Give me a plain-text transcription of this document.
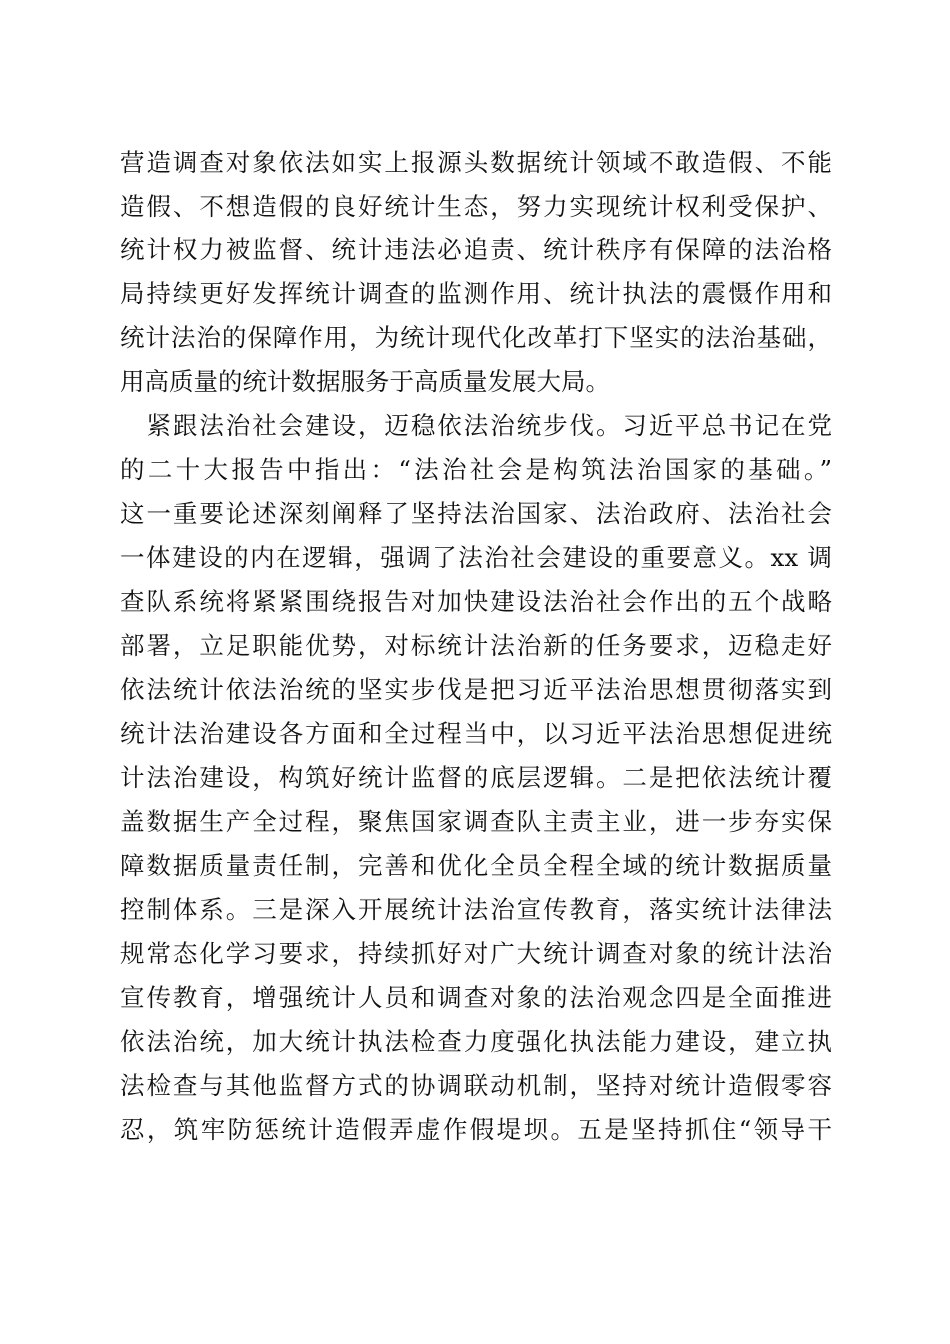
营造调查对象依法如实上报源头数据统计领域不敢造假、不能
造假、不想造假的良好统计生态，努力实现统计权利受保护、
统计权力被监督、统计违法必追责、统计秩序有保障的法治格
局持续更好发挥统计调查的监测作用、统计执法的震慑作用和
统计法治的保障作用，为统计现代化改革打下坚实的法治基础，
用高质量的统计数据服务于高质量发展大局。
　紧跟法治社会建设，迈稳依法治统步伐。习近平总书记在党
的二十大报告中指出：“法治社会是构筑法治国家的基础。”
这一重要论述深刻阐释了坚持法治国家、法治政府、法治社会
一体建设的内在逻辑，强调了法治社会建设的重要意义。xx 调
查队系统将紧紧围绕报告对加快建设法治社会作出的五个战略
部署，立足职能优势，对标统计法治新的任务要求，迈稳走好
依法统计依法治统的坚实步伐是把习近平法治思想贯彻落实到
统计法治建设各方面和全过程当中，以习近平法治思想促进统
计法治建设，构筑好统计监督的底层逻辑。二是把依法统计覆
盖数据生产全过程，聚焦国家调查队主责主业，进一步夯实保
障数据质量责任制，完善和优化全员全程全域的统计数据质量
控制体系。三是深入开展统计法治宣传教育，落实统计法律法
规常态化学习要求，持续抓好对广大统计调查对象的统计法治
宣传教育，增强统计人员和调查对象的法治观念四是全面推进
依法治统，加大统计执法检查力度强化执法能力建设，建立执
法检查与其他监督方式的协调联动机制，坚持对统计造假零容
忍，筑牢防惩统计造假弄虚作假堤坝。五是坚持抓住“领导干
